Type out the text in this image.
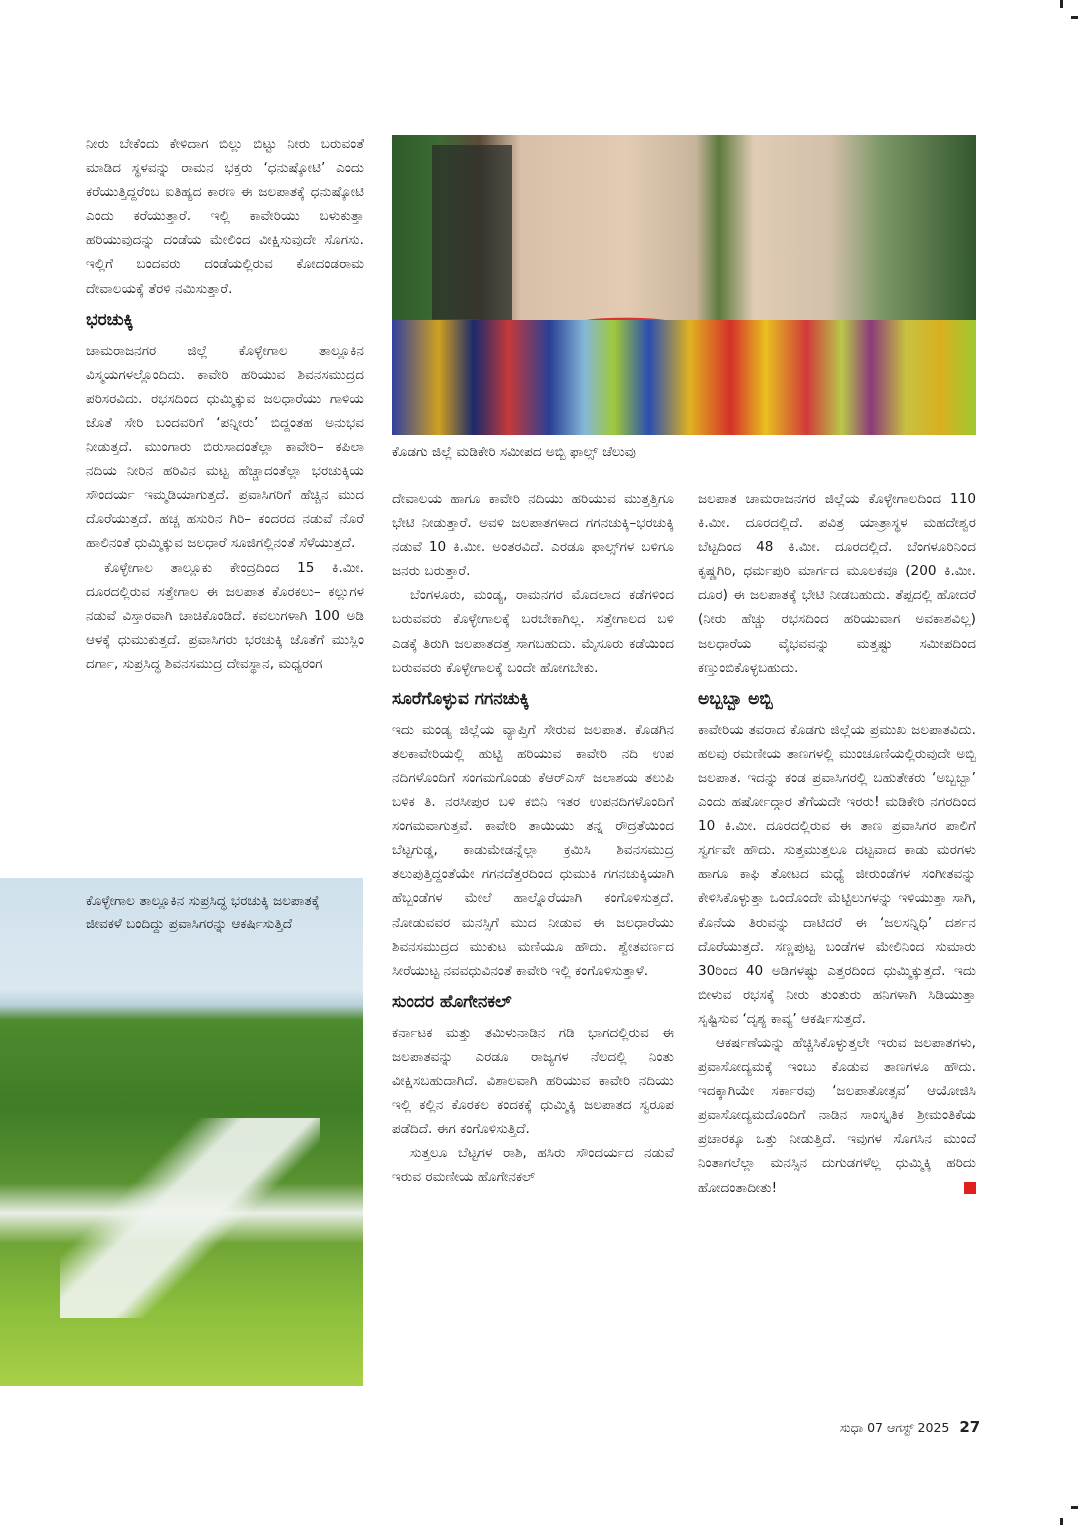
ಕೊಡಗು ಜಿಲ್ಲೆ ಮಡಿಕೇರಿ ಸಮೀಪದ ಅಬ್ಬಿ ಫಾಲ್ಸ್ ಚೆಲುವು

ನೀರು ಬೇಕೆಂದು ಕೇಳಿದಾಗ ಬಿಲ್ಲು ಬಿಟ್ಟು ನೀರು ಬರುವಂತೆ ಮಾಡಿದ ಸ್ಥಳವನ್ನು ರಾಮನ ಭಕ್ತರು ‘ಧನುಷ್ಕೋಟಿ’ ಎಂದು ಕರೆಯುತ್ತಿದ್ದರೆಂಬ ಐತಿಹ್ಯದ ಕಾರಣ ಈ ಜಲಪಾತಕ್ಕೆ ಧನುಷ್ಕೋಟಿ ಎಂದು ಕರೆಯುತ್ತಾರೆ. ಇಲ್ಲಿ ಕಾವೇರಿಯು ಬಳುಕುತ್ತಾ ಹರಿಯುವುದನ್ನು ದಂಡೆಯ ಮೇಲಿಂದ ವೀಕ್ಷಿಸುವುದೇ ಸೊಗಸು. ಇಲ್ಲಿಗೆ ಬಂದವರು ದಂಡೆಯಲ್ಲಿರುವ ಕೋದಂಡರಾಮ ದೇವಾಲಯಕ್ಕೆ ತೆರಳಿ ನಮಿಸುತ್ತಾರೆ.

ಭರಚುಕ್ಕಿ

ಚಾಮರಾಜನಗರ ಜಿಲ್ಲೆ ಕೊಳ್ಳೇಗಾಲ ತಾಲ್ಲೂಕಿನ ವಿಸ್ಮಯಗಳಲ್ಲೊಂದಿದು. ಕಾವೇರಿ ಹರಿಯುವ ಶಿವನಸಮುದ್ರದ ಪರಿಸರವಿದು. ರಭಸದಿಂದ ಧುಮ್ಮಿಕ್ಕುವ ಜಲಧಾರೆಯು ಗಾಳಿಯ ಜೊತೆ ಸೇರಿ ಬಂದವರಿಗೆ ‘ಪನ್ನೀರು’ ಬಿದ್ದಂತಹ ಅನುಭವ ನೀಡುತ್ತದೆ. ಮುಂಗಾರು ಬಿರುಸಾದಂತೆಲ್ಲಾ ಕಾವೇರಿ– ಕಪಿಲಾ ನದಿಯ ನೀರಿನ ಹರಿವಿನ ಮಟ್ಟ ಹೆಚ್ಚಾದಂತೆಲ್ಲಾ ಭರಚುಕ್ಕಿಯ ಸೌಂದರ್ಯ ಇಮ್ಮಡಿಯಾಗುತ್ತದೆ. ಪ್ರವಾಸಿಗರಿಗೆ ಹೆಚ್ಚಿನ ಮುದ ದೊರೆಯುತ್ತದೆ. ಹಚ್ಚ ಹಸುರಿನ ಗಿರಿ– ಕಂದರದ ನಡುವೆ ನೊರೆ ಹಾಲಿನಂತೆ ಧುಮ್ಮಿಕ್ಕುವ ಜಲಧಾರೆ ಸೂಜಿಗಲ್ಲಿನಂತೆ ಸೆಳೆಯುತ್ತದೆ.

ಕೊಳ್ಳೇಗಾಲ ತಾಲ್ಲೂಕು ಕೇಂದ್ರದಿಂದ 15 ಕಿ.ಮೀ. ದೂರದಲ್ಲಿರುವ ಸತ್ತೇಗಾಲ ಈ ಜಲಪಾತ ಕೊರಕಲು– ಕಲ್ಲುಗಳ ನಡುವೆ ವಿಸ್ತಾರವಾಗಿ ಚಾಚಿಕೊಂಡಿದೆ. ಕವಲುಗಳಾಗಿ 100 ಅಡಿ ಆಳಕ್ಕೆ ಧುಮುಕುತ್ತದೆ. ಪ್ರವಾಸಿಗರು ಭರಚುಕ್ಕಿ ಜೊತೆಗೆ ಮುಸ್ಲಿಂ ದರ್ಗಾ, ಸುಪ್ರಸಿದ್ಧ ಶಿವನಸಮುದ್ರ ದೇವಸ್ಥಾನ, ಮಧ್ಯರಂಗ

ಕೊಳ್ಳೇಗಾಲ ತಾಲ್ಲೂಕಿನ ಸುಪ್ರಸಿದ್ಧ ಭರಚುಕ್ಕಿ ಜಲಪಾತಕ್ಕೆ ಜೀವಕಳೆ ಬಂದಿದ್ದು ಪ್ರವಾಸಿಗರನ್ನು ಆಕರ್ಷಿಸುತ್ತಿದೆ

ದೇವಾಲಯ ಹಾಗೂ ಕಾವೇರಿ ನದಿಯು ಹರಿಯುವ ಮುತ್ತತ್ತಿಗೂ ಭೇಟಿ ನೀಡುತ್ತಾರೆ. ಅವಳಿ ಜಲಪಾತಗಳಾದ ಗಗನಚುಕ್ಕಿ–ಭರಚುಕ್ಕಿ ನಡುವೆ 10 ಕಿ.ಮೀ. ಅಂತರವಿದೆ. ಎರಡೂ ಫಾಲ್ಸ್‌ಗಳ ಬಳಿಗೂ ಜನರು ಬರುತ್ತಾರೆ.

ಬೆಂಗಳೂರು, ಮಂಡ್ಯ, ರಾಮನಗರ ಮೊದಲಾದ ಕಡೆಗಳಿಂದ ಬರುವವರು ಕೊಳ್ಳೇಗಾಲಕ್ಕೆ ಬರಬೇಕಾಗಿಲ್ಲ. ಸತ್ತೇಗಾಲದ ಬಳಿ ಎಡಕ್ಕೆ ತಿರುಗಿ ಜಲಪಾತದತ್ತ ಸಾಗಬಹುದು. ಮೈಸೂರು ಕಡೆಯಿಂದ ಬರುವವರು ಕೊಳ್ಳೇಗಾಲಕ್ಕೆ ಬಂದೇ ಹೋಗಬೇಕು.

ಸೂರೆಗೊಳ್ಳುವ ಗಗನಚುಕ್ಕಿ

ಇದು ಮಂಡ್ಯ ಜಿಲ್ಲೆಯ ವ್ಯಾಪ್ತಿಗೆ ಸೇರುವ ಜಲಪಾತ. ಕೊಡಗಿನ ತಲಕಾವೇರಿಯಲ್ಲಿ ಹುಟ್ಟಿ ಹರಿಯುವ ಕಾವೇರಿ ನದಿ ಉಪ ನದಿಗಳೊಂದಿಗೆ ಸಂಗಮಗೊಂಡು ಕೆಆರ್‌ಎಸ್ ಜಲಾಶಯ ತಲುಪಿ ಬಳಿಕ ತಿ. ನರಸೀಪುರ ಬಳಿ ಕಬಿನಿ ಇತರ ಉಪನದಿಗಳೊಂದಿಗೆ ಸಂಗಮವಾಗುತ್ತವೆ. ಕಾವೇರಿ ತಾಯಿಯು ತನ್ನ ರೌದ್ರತೆಯಿಂದ ಬೆಟ್ಟಗುಡ್ಡ, ಕಾಡುಮೇಡನ್ನೆಲ್ಲಾ ಕ್ರಮಿಸಿ ಶಿವನಸಮುದ್ರ ತಲುಪುತ್ತಿದ್ದಂತೆಯೇ ಗಗನದೆತ್ತರದಿಂದ ಧುಮುಕಿ ಗಗನಚುಕ್ಕಿಯಾಗಿ ಹೆಬ್ಬಂಡೆಗಳ ಮೇಲೆ ಹಾಲ್ನೊರೆಯಾಗಿ ಕಂಗೊಳಿಸುತ್ತದೆ. ನೋಡುವವರ ಮನಸ್ಸಿಗೆ ಮುದ ನೀಡುವ ಈ ಜಲಧಾರೆಯು ಶಿವನಸಮುದ್ರದ ಮುಕುಟ ಮಣಿಯೂ ಹೌದು. ಶ್ವೇತವರ್ಣದ ಸೀರೆಯುಟ್ಟ ನವವಧುವಿನಂತೆ ಕಾವೇರಿ ಇಲ್ಲಿ ಕಂಗೊಳಿಸುತ್ತಾಳೆ.

ಸುಂದರ ಹೊಗೇನಕಲ್

ಕರ್ನಾಟಕ ಮತ್ತು ತಮಿಳುನಾಡಿನ ಗಡಿ ಭಾಗದಲ್ಲಿರುವ ಈ ಜಲಪಾತವನ್ನು ಎರಡೂ ರಾಜ್ಯಗಳ ನೆಲದಲ್ಲಿ ನಿಂತು ವೀಕ್ಷಿಸಬಹುದಾಗಿದೆ. ವಿಶಾಲವಾಗಿ ಹರಿಯುವ ಕಾವೇರಿ ನದಿಯು ಇಲ್ಲಿ ಕಲ್ಲಿನ ಕೊರಕಲ ಕಂದಕಕ್ಕೆ ಧುಮ್ಮಿಕ್ಕಿ ಜಲಪಾತದ ಸ್ವರೂಪ ಪಡೆದಿದೆ. ಈಗ ಕಂಗೊಳಿಸುತ್ತಿದೆ.

ಸುತ್ತಲೂ ಬೆಟ್ಟಗಳ ರಾಶಿ, ಹಸಿರು ಸೌಂದರ್ಯದ ನಡುವೆ ಇರುವ ರಮಣೀಯ ಹೊಗೇನಕಲ್

ಜಲಪಾತ ಚಾಮರಾಜನಗರ ಜಿಲ್ಲೆಯ ಕೊಳ್ಳೇಗಾಲದಿಂದ 110 ಕಿ.ಮೀ. ದೂರದಲ್ಲಿದೆ. ಪವಿತ್ರ ಯಾತ್ರಾಸ್ಥಳ ಮಹದೇಶ್ವರ ಬೆಟ್ಟದಿಂದ 48 ಕಿ.ಮೀ. ದೂರದಲ್ಲಿದೆ. ಬೆಂಗಳೂರಿನಿಂದ ಕೃಷ್ಣಗಿರಿ, ಧರ್ಮಪುರಿ ಮಾರ್ಗದ ಮೂಲಕವೂ (200 ಕಿ.ಮೀ. ದೂರ) ಈ ಜಲಪಾತಕ್ಕೆ ಭೇಟಿ ನೀಡಬಹುದು. ತೆಪ್ಪದಲ್ಲಿ ಹೋದರೆ (ನೀರು ಹೆಚ್ಚು ರಭಸದಿಂದ ಹರಿಯುವಾಗ ಅವಕಾಶವಿಲ್ಲ) ಜಲಧಾರೆಯ ವೈಭವವನ್ನು ಮತ್ತಷ್ಟು ಸಮೀಪದಿಂದ ಕಣ್ತುಂಬಿಕೊಳ್ಳಬಹುದು.

ಅಬ್ಬಬ್ಬಾ ಅಬ್ಬಿ

ಕಾವೇರಿಯ ತವರಾದ ಕೊಡಗು ಜಿಲ್ಲೆಯ ಪ್ರಮುಖ ಜಲಪಾತವಿದು. ಹಲವು ರಮಣೀಯ ತಾಣಗಳಲ್ಲಿ ಮುಂಚೂಣಿಯಲ್ಲಿರುವುದೇ ಅಬ್ಬಿ ಜಲಪಾತ. ಇದನ್ನು ಕಂಡ ಪ್ರವಾಸಿಗರಲ್ಲಿ ಬಹುತೇಕರು ‘ಅಬ್ಬಬ್ಬಾ’ ಎಂದು ಹರ್ಷೋದ್ಗಾರ ತೆಗೆಯದೇ ಇರರು! ಮಡಿಕೇರಿ ನಗರದಿಂದ 10 ಕಿ.ಮೀ. ದೂರದಲ್ಲಿರುವ ಈ ತಾಣ ಪ್ರವಾಸಿಗರ ಪಾಲಿಗೆ ಸ್ವರ್ಗವೇ ಹೌದು. ಸುತ್ತಮುತ್ತಲೂ ದಟ್ಟವಾದ ಕಾಡು ಮರಗಳು ಹಾಗೂ ಕಾಫಿ ತೋಟದ ಮಧ್ಯೆ ಜೀರುಂಡೆಗಳ ಸಂಗೀತವನ್ನು ಕೇಳಿಸಿಕೊಳ್ಳುತ್ತಾ ಒಂದೊಂದೇ ಮೆಟ್ಟಿಲುಗಳನ್ನು ಇಳಿಯುತ್ತಾ ಸಾಗಿ, ಕೊನೆಯ ತಿರುವನ್ನು ದಾಟಿದರೆ ಈ ‘ಜಲಸನ್ನಿಧಿ’ ದರ್ಶನ ದೊರೆಯುತ್ತದೆ. ಸಣ್ಣಪುಟ್ಟ ಬಂಡೆಗಳ ಮೇಲಿನಿಂದ ಸುಮಾರು 30ರಿಂದ 40 ಅಡಿಗಳಷ್ಟು ಎತ್ತರದಿಂದ ಧುಮ್ಮಿಕ್ಕುತ್ತದೆ. ಇದು ಬೀಳುವ ರಭಸಕ್ಕೆ ನೀರು ತುಂತುರು ಹನಿಗಳಾಗಿ ಸಿಡಿಯುತ್ತಾ ಸೃಷ್ಟಿಸುವ ‘ದೃಶ್ಯ ಕಾವ್ಯ’ ಆಕರ್ಷಿಸುತ್ತದೆ.

ಆಕರ್ಷಣೆಯನ್ನು ಹೆಚ್ಚಿಸಿಕೊಳ್ಳುತ್ತಲೇ ಇರುವ ಜಲಪಾತಗಳು, ಪ್ರವಾಸೋದ್ಯಮಕ್ಕೆ ಇಂಬು ಕೊಡುವ ತಾಣಗಳೂ ಹೌದು. ಇದಕ್ಕಾಗಿಯೇ ಸರ್ಕಾರವು ‘ಜಲಪಾತೋತ್ಸವ’ ಆಯೋಜಿಸಿ ಪ್ರವಾಸೋದ್ಯಮದೊಂದಿಗೆ ನಾಡಿನ ಸಾಂಸ್ಕೃತಿಕ ಶ್ರೀಮಂತಿಕೆಯ ಪ್ರಚಾರಕ್ಕೂ ಒತ್ತು ನೀಡುತ್ತಿದೆ. ಇವುಗಳ ಸೊಗಸಿನ ಮುಂದೆ ನಿಂತಾಗಲೆಲ್ಲಾ ಮನಸ್ಸಿನ ದುಗುಡಗಳೆಲ್ಲ ಧುಮ್ಮಿಕ್ಕಿ ಹರಿದು ಹೋದಂತಾದೀತು!

ಸುಧಾ 07 ಆಗಸ್ಟ್ 2025 27
